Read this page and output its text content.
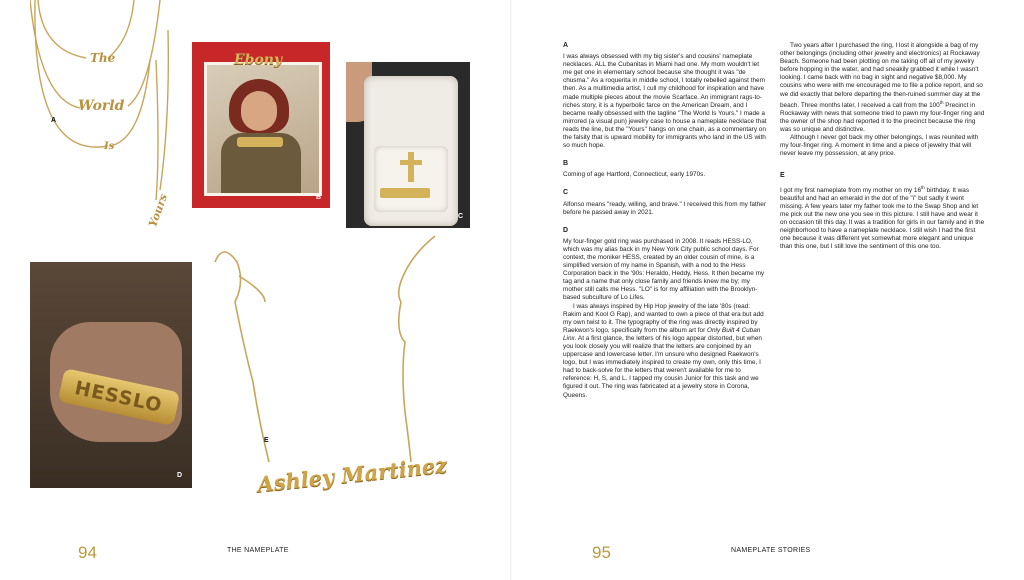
The
World
Is
Yours
A
Ebony
B
C
HESSLO
D	Ashley Martinez
E
94	THE NAMEPLATE
A

I was always obsessed with my big sister's and cousins' nameplate necklaces. ALL the Cubanitas in Miami had one. My mom wouldn't let me get one in elementary school because she thought it was "de chusma." As a roquerita in middle school, I totally rebelled against them then. As a multimedia artist, I cull my childhood for inspiration and have made multiple pieces about the movie Scarface. An immigrant rags-to-riches story, it is a hyperbolic farce on the American Dream, and I became really obsessed with the tagline "The World Is Yours." I made a mirrored (a visual pun) jewelry case to house a nameplate necklace that reads the line, but the "Yours" hangs on one chain, as a commentary on the falsity that is upward mobility for immigrants who land in the US with so much hope.

B

Coming of age Hartford, Connecticut, early 1970s.

C

Alfonso means "ready, willing, and brave." I received this from my father before he passed away in 2021.

D

My four-finger gold ring was purchased in 2008. It reads HESS-LO, which was my alias back in my New York City public school days. For context, the moniker HESS, created by an older cousin of mine, is a simplified version of my name in Spanish, with a nod to the Hess Corporation back in the '90s: Heraldo, Heddy, Hess. It then became my tag and a name that only close family and friends knew me by; my mother still calls me Hess. "LO" is for my affiliation with the Brooklyn-based subculture of Lo Lifes.

I was always inspired by Hip Hop jewelry of the late '80s (read: Rakim and Kool G Rap), and wanted to own a piece of that era but add my own twist to it. The typography of the ring was directly inspired by Raekwon's logo, specifically from the album art for Only Built 4 Cuban Linx. At a first glance, the letters of his logo appear distorted, but when you look closely you will realize that the letters are conjoined by an uppercase and lowercase letter. I'm unsure who designed Raekwon's logo, but I was immediately inspired to create my own, only this time, I had to back-solve for the letters that weren't available for me to reference: H, S, and L. I tapped my cousin Junior for this task and we figured it out. The ring was fabricated at a jewelry store in Corona, Queens.

Two years after I purchased the ring, I lost it alongside a bag of my other belongings (including other jewelry and electronics) at Rockaway Beach. Someone had been plotting on me taking off all of my jewelry before hopping in the water, and had sneakily grabbed it while I wasn't looking. I came back with no bag in sight and negative $8,000. My cousins who were with me encouraged me to file a police report, and so we did exactly that before departing the then-ruined summer day at the beach. Three months later, I received a call from the 100th Precinct in Rockaway with news that someone tried to pawn my four-finger ring and the owner of the shop had reported it to the precinct because the ring was so unique and distinctive.

Although I never got back my other belongings, I was reunited with my four-finger ring. A moment in time and a piece of jewelry that will never leave my possession, at any price.

E

I got my first nameplate from my mother on my 16th birthday. It was beautiful and had an emerald in the dot of the "i" but sadly it went missing. A few years later my father took me to the Swap Shop and let me pick out the new one you see in this picture. I still have and wear it on occasion till this day. It was a tradition for girls in our family and in the neighborhood to have a nameplate necklace. I still wish I had the first one because it was different yet somewhat more elegant and unique than this one, but I still love the sentiment of this one too.

95	NAMEPLATE STORIES
